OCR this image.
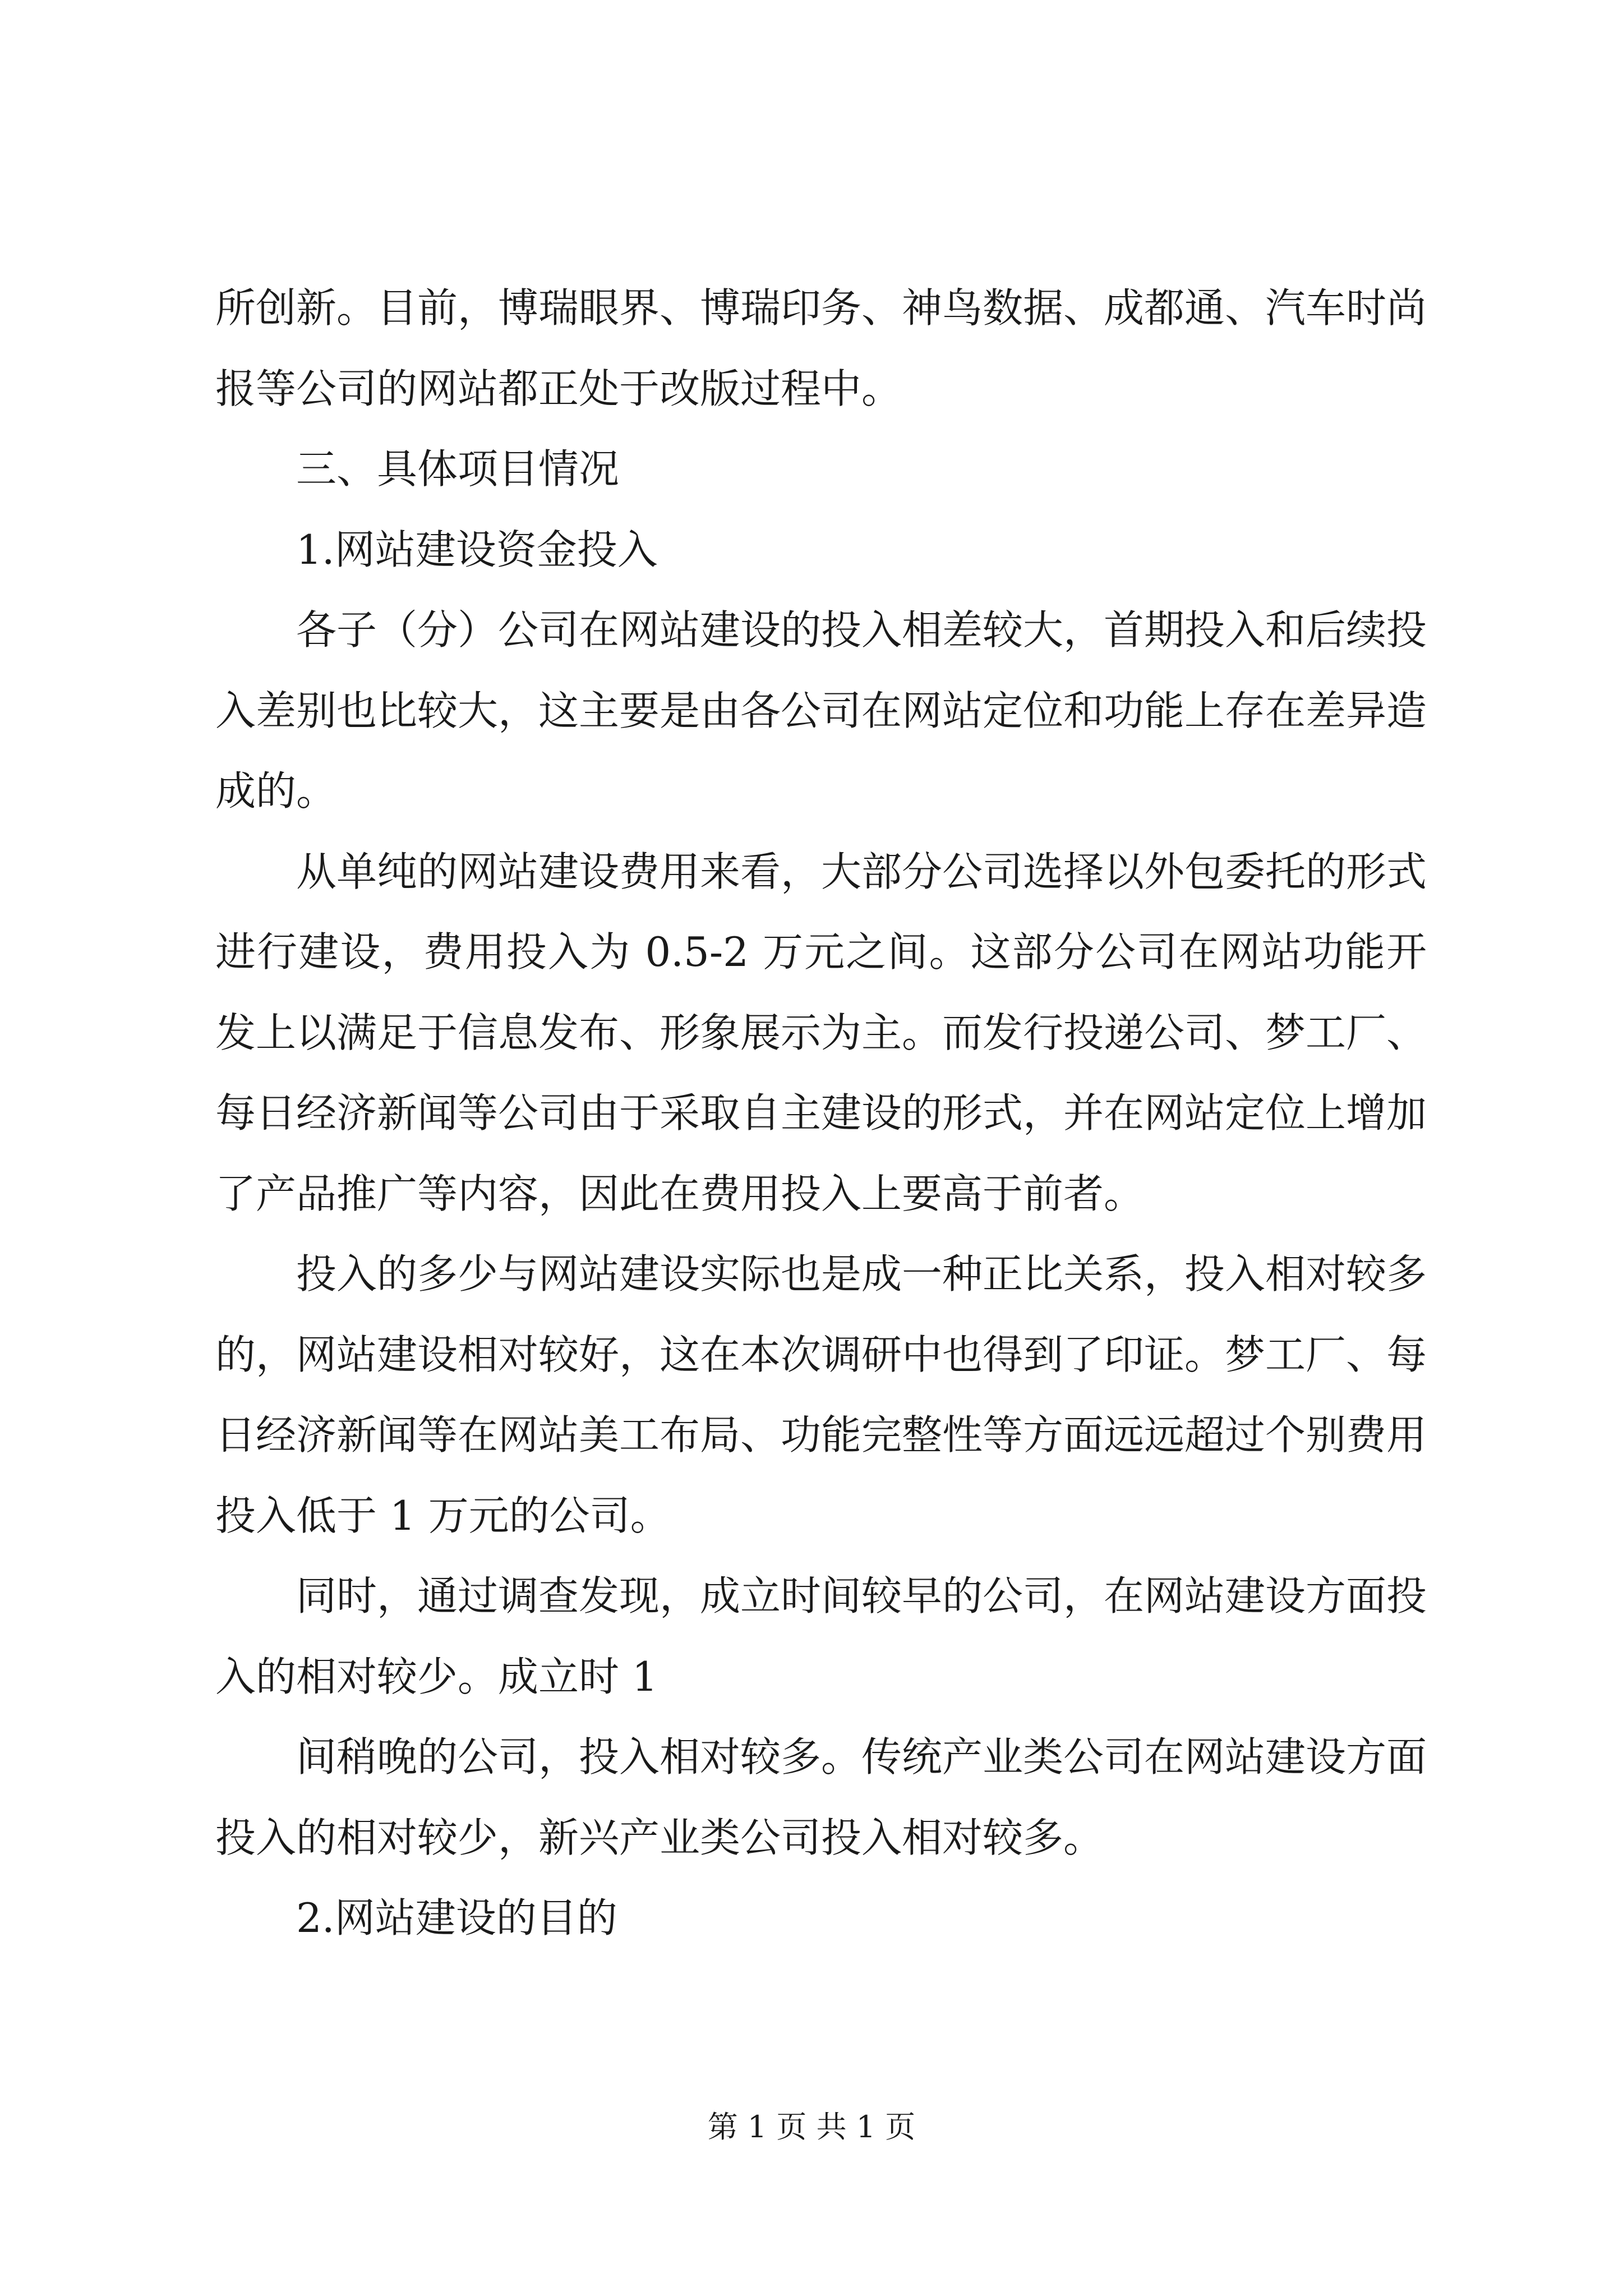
所创新。目前，博瑞眼界、博瑞印务、神鸟数据、成都通、汽车时尚报等公司的网站都正处于改版过程中。

三、具体项目情况

1.网站建设资金投入

各子（分）公司在网站建设的投入相差较大，首期投入和后续投入差别也比较大，这主要是由各公司在网站定位和功能上存在差异造成的。

从单纯的网站建设费用来看，大部分公司选择以外包委托的形式进行建设，费用投入为 0.5-2 万元之间。这部分公司在网站功能开发上以满足于信息发布、形象展示为主。而发行投递公司、梦工厂、每日经济新闻等公司由于采取自主建设的形式，并在网站定位上增加了产品推广等内容，因此在费用投入上要高于前者。

投入的多少与网站建设实际也是成一种正比关系，投入相对较多的，网站建设相对较好，这在本次调研中也得到了印证。梦工厂、每日经济新闻等在网站美工布局、功能完整性等方面远远超过个别费用投入低于 1 万元的公司。

同时，通过调查发现，成立时间较早的公司，在网站建设方面投入的相对较少。成立时 1

间稍晚的公司，投入相对较多。传统产业类公司在网站建设方面投入的相对较少，新兴产业类公司投入相对较多。

2.网站建设的目的

第 1 页 共 1 页
